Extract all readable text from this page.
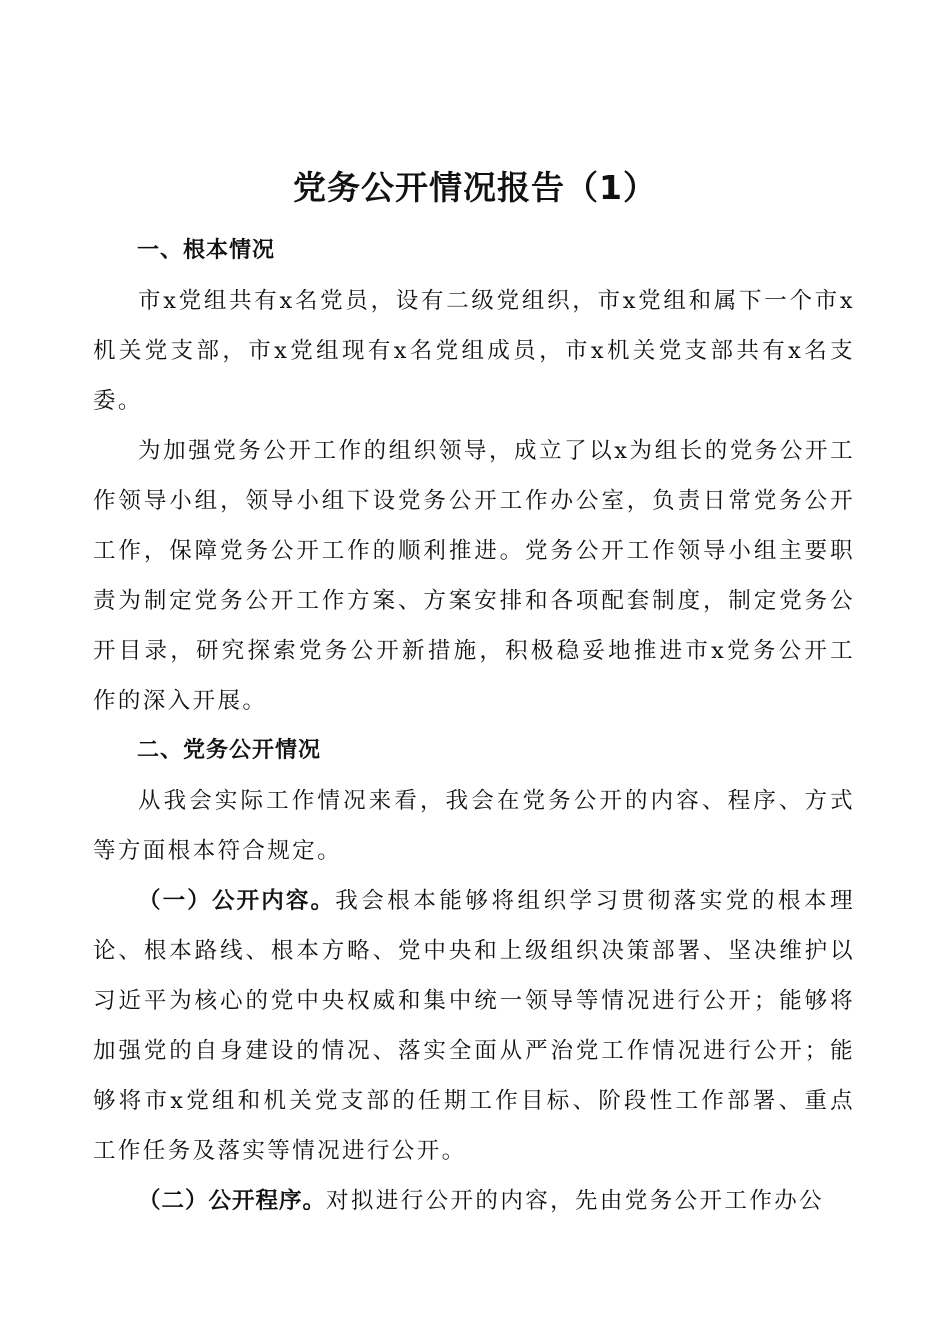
党务公开情况报告（1）

一、根本情况

市x党组共有x名党员，设有二级党组织，市x党组和属下一个市x机关党支部，市x党组现有x名党组成员，市x机关党支部共有x名支委。

为加强党务公开工作的组织领导，成立了以x为组长的党务公开工作领导小组，领导小组下设党务公开工作办公室，负责日常党务公开工作，保障党务公开工作的顺利推进。党务公开工作领导小组主要职责为制定党务公开工作方案、方案安排和各项配套制度，制定党务公开目录，研究探索党务公开新措施，积极稳妥地推进市x党务公开工作的深入开展。

二、党务公开情况

从我会实际工作情况来看，我会在党务公开的内容、程序、方式等方面根本符合规定。

（一）公开内容。我会根本能够将组织学习贯彻落实党的根本理论、根本路线、根本方略、党中央和上级组织决策部署、坚决维护以习近平为核心的党中央权威和集中统一领导等情况进行公开；能够将加强党的自身建设的情况、落实全面从严治党工作情况进行公开；能够将市x党组和机关党支部的任期工作目标、阶段性工作部署、重点工作任务及落实等情况进行公开。

（二）公开程序。对拟进行公开的内容，先由党务公开工作办公
